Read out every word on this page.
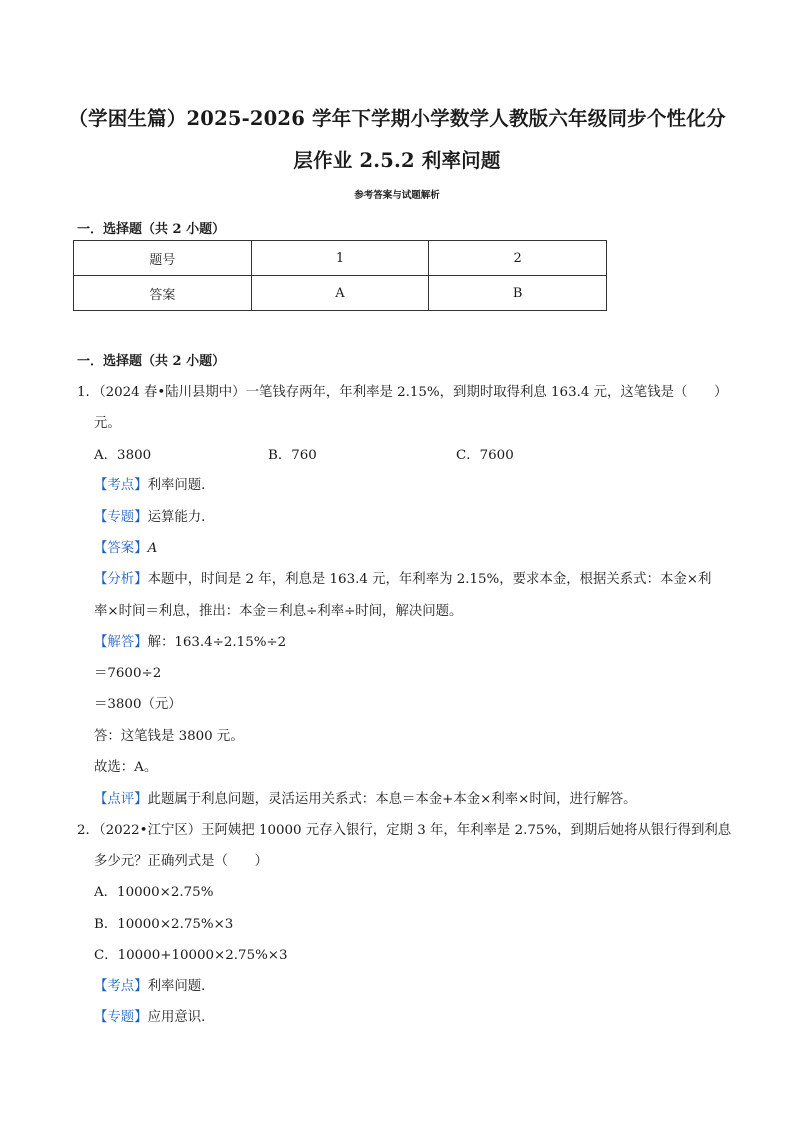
（学困生篇）2025-2026 学年下学期小学数学人教版六年级同步个性化分
层作业 2.5.2 利率问题
参考答案与试题解析
一．选择题（共 2 小题）
题号	1	2
答案	A	B
一．选择题（共 2 小题）
1．（2024 春•陆川县期中）一笔钱存两年，年利率是 2.15%，到期时取得利息 163.4 元，这笔钱是（　　）
元。
A．3800	B．760	C．7600
【考点】利率问题．
【专题】运算能力．
【答案】A
【分析】本题中，时间是 2 年，利息是 163.4 元，年利率为 2.15%，要求本金，根据关系式：本金×利
率×时间＝利息，推出：本金＝利息÷利率÷时间，解决问题。
【解答】解：163.4÷2.15%÷2
＝7600÷2
＝3800（元）
答：这笔钱是 3800 元。
故选：A。
【点评】此题属于利息问题，灵活运用关系式：本息＝本金+本金×利率×时间，进行解答。
2．（2022•江宁区）王阿姨把 10000 元存入银行，定期 3 年，年利率是 2.75%，到期后她将从银行得到利息
多少元？正确列式是（　　）
A．10000×2.75%
B．10000×2.75%×3
C．10000+10000×2.75%×3
【考点】利率问题．
【专题】应用意识．
